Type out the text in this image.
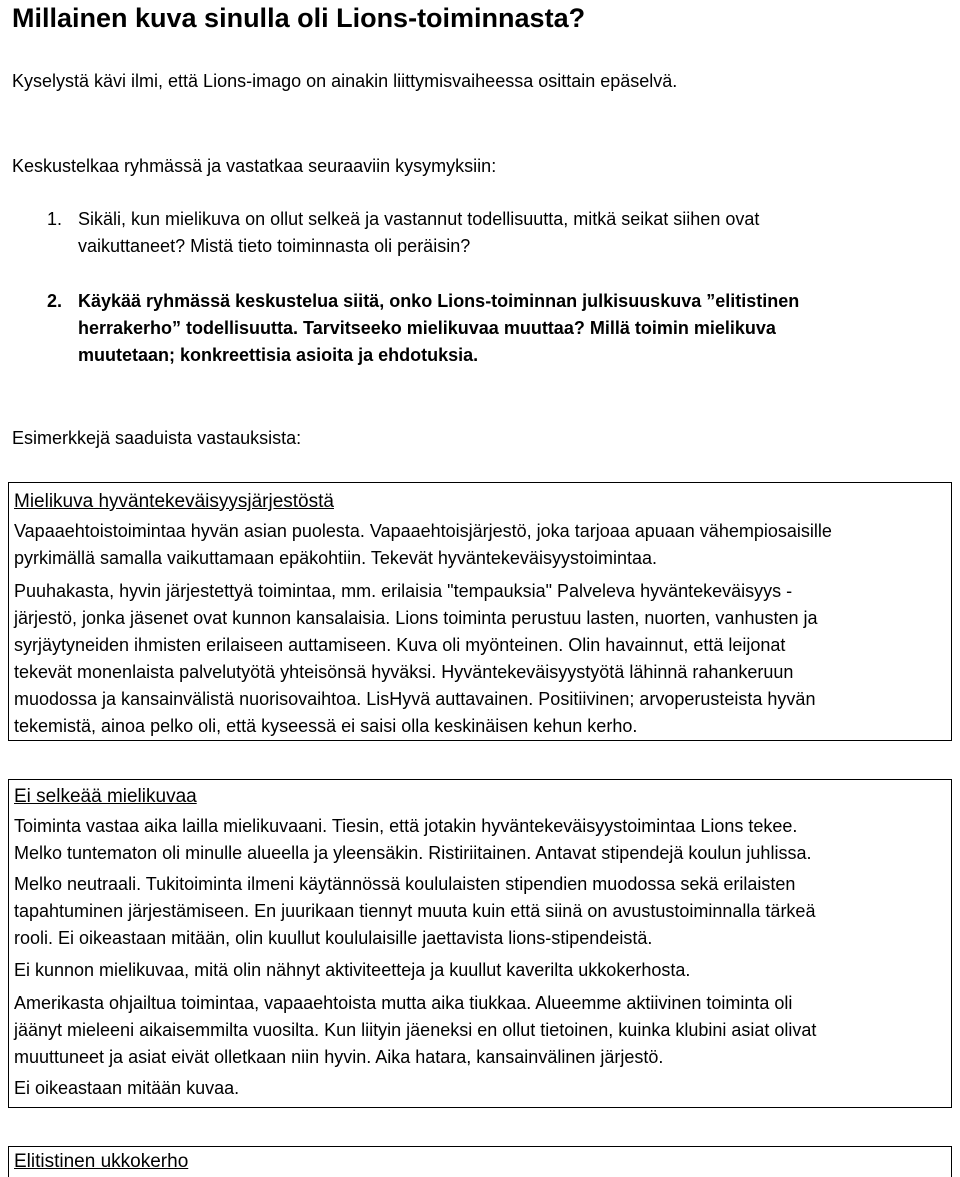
Millainen kuva sinulla oli Lions-toiminnasta?

Kyselystä kävi ilmi, että Lions-imago on ainakin liittymisvaiheessa osittain epäselvä.

Keskustelkaa ryhmässä ja vastatkaa seuraaviin kysymyksiin:

1. Sikäli, kun mielikuva on ollut selkeä ja vastannut todellisuutta, mitkä seikat siihen ovat
vaikuttaneet? Mistä tieto toiminnasta oli peräisin?
2. Käykää ryhmässä keskustelua siitä, onko Lions-toiminnan julkisuuskuva ”elitistinen
herrakerho” todellisuutta. Tarvitseeko mielikuvaa muuttaa? Millä toimin mielikuva
muutetaan; konkreettisia asioita ja ehdotuksia.

Esimerkkejä saaduista vastauksista:

Mielikuva hyväntekeväisyysjärjestöstä

Vapaaehtoistoimintaa hyvän asian puolesta. Vapaaehtoisjärjestö, joka tarjoaa apuaan vähempiosaisille
pyrkimällä samalla vaikuttamaan epäkohtiin. Tekevät hyväntekeväisyystoimintaa.
Puuhakasta, hyvin järjestettyä toimintaa, mm. erilaisia "tempauksia" Palveleva hyväntekeväisyys -
järjestö, jonka jäsenet ovat kunnon kansalaisia. Lions toiminta perustuu lasten, nuorten, vanhusten ja
syrjäytyneiden ihmisten erilaiseen auttamiseen. Kuva oli myönteinen. Olin havainnut, että leijonat
tekevät monenlaista palvelutyötä yhteisönsä hyväksi. Hyväntekeväisyystyötä lähinnä rahankeruun
muodossa ja kansainvälistä nuorisovaihtoa. LisHyvä auttavainen. Positiivinen; arvoperusteista hyvän
tekemistä, ainoa pelko oli, että kyseessä ei saisi olla keskinäisen kehun kerho.

Ei selkeää mielikuvaa

Toiminta vastaa aika lailla mielikuvaani. Tiesin, että jotakin hyväntekeväisyystoimintaa Lions tekee.
Melko tuntematon oli minulle alueella ja yleensäkin. Ristiriitainen. Antavat stipendejä koulun juhlissa.
Melko neutraali. Tukitoiminta ilmeni käytännössä koululaisten stipendien muodossa sekä erilaisten
tapahtuminen järjestämiseen. En juurikaan tiennyt muuta kuin että siinä on avustustoiminnalla tärkeä
rooli. Ei oikeastaan mitään, olin kuullut koululaisille jaettavista lions-stipendeistä.
Ei kunnon mielikuvaa, mitä olin nähnyt aktiviteetteja ja kuullut kaverilta ukkokerhosta.
Amerikasta ohjailtua toimintaa, vapaaehtoista mutta aika tiukkaa. Alueemme aktiivinen toiminta oli
jäänyt mieleeni aikaisemmilta vuosilta. Kun liityin jäeneksi en ollut tietoinen, kuinka klubini asiat olivat
muuttuneet ja asiat eivät olletkaan niin hyvin. Aika hatara, kansainvälinen järjestö.
Ei oikeastaan mitään kuvaa.

Elitistinen ukkokerho
